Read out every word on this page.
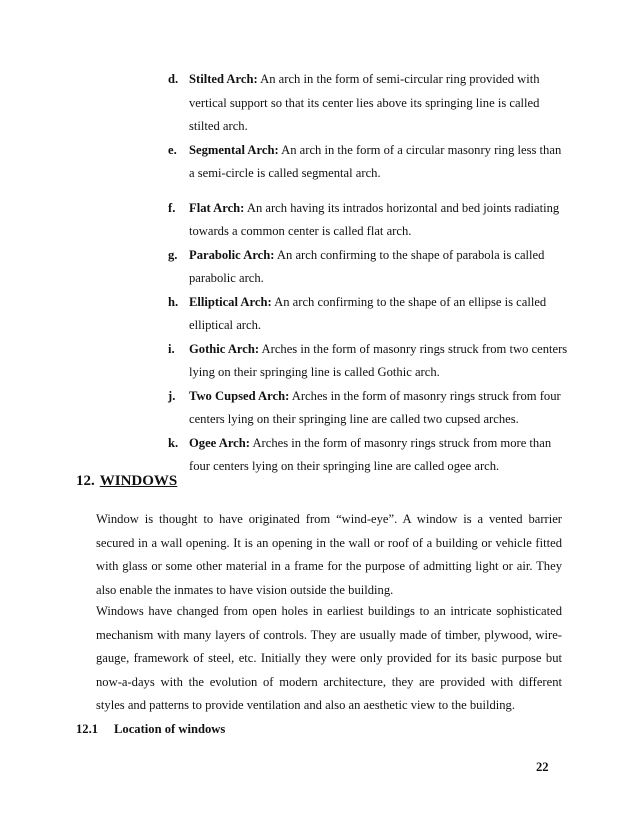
d. Stilted Arch: An arch in the form of semi-circular ring provided with vertical support so that its center lies above its springing line is called stilted arch.
e. Segmental Arch: An arch in the form of a circular masonry ring less than a semi-circle is called segmental arch.
f.	Flat Arch: An arch having its intrados horizontal and bed joints radiating towards a common center is called flat arch.
g. Parabolic Arch: An arch confirming to the shape of parabola is called parabolic arch.
h. Elliptical Arch: An arch confirming to the shape of an ellipse is called elliptical arch.
i.	Gothic Arch: Arches in the form of masonry rings struck from two centers lying on their springing line is called Gothic arch.
j.	Two Cupsed Arch: Arches in the form of masonry rings struck from four centers lying on their springing line are called two cupsed arches.
k. Ogee Arch: Arches in the form of masonry rings struck from more than four centers lying on their springing line are called ogee arch.
12. WINDOWS

Window is thought to have originated from “wind-eye”. A window is a vented barrier secured in a wall opening. It is an opening in the wall or roof of a building or vehicle fitted with glass or some other material in a frame for the purpose of admitting light or air. They also enable the inmates to have vision outside the building.

Windows have changed from open holes in earliest buildings to an intricate sophisticated mechanism with many layers of controls. They are usually made of timber, plywood, wire-gauge, framework of steel, etc. Initially they were only provided for its basic purpose but now-a-days with the evolution of modern architecture, they are provided with different styles and patterns to provide ventilation and also an aesthetic view to the building.

12.1 Location of windows
22
